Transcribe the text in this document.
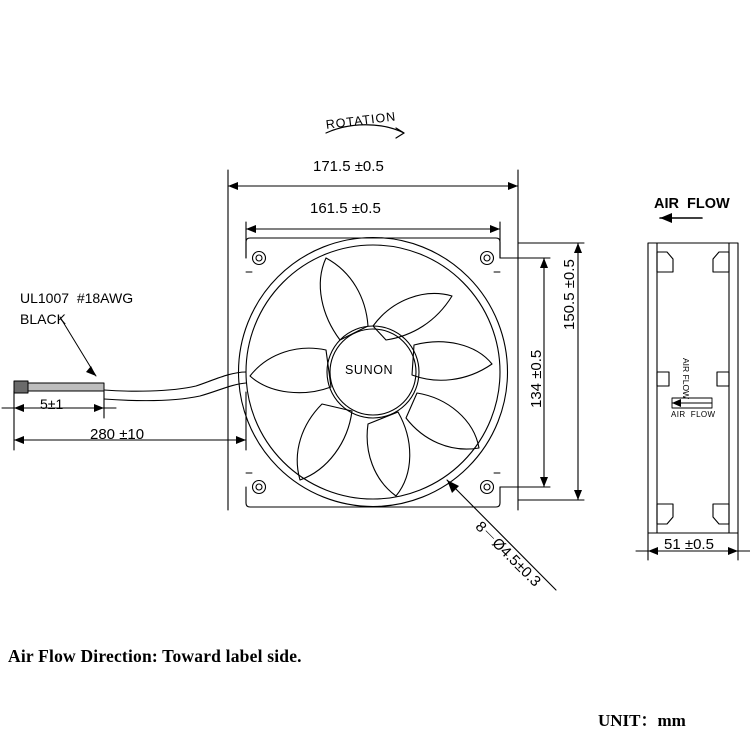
ROTATION
171.5 ±0.5
161.5 ±0.5
150.5 ±0.5
134 ±0.5
UL1007  #18AWG
BLACK
5±1
280 ±10
SUNON
8－Ø4.5±0.3
AIR  FLOW
AIR FLOW
AIR  FLOW
51 ±0.5
Air Flow Direction: Toward label side.
UNIT：mm
